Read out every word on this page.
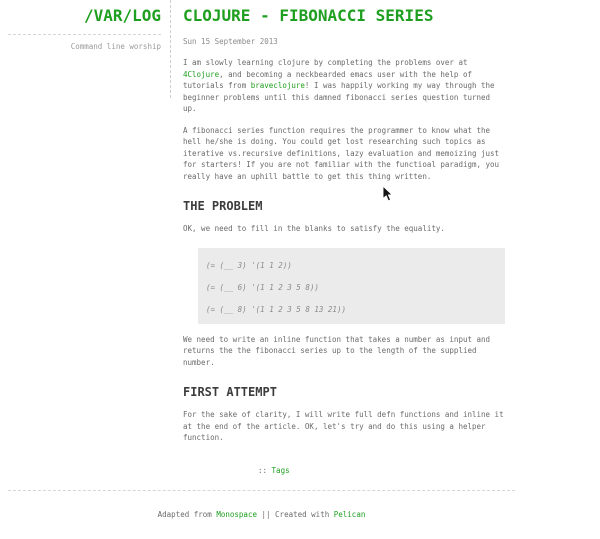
/VAR/LOG

Command line worship

CLOJURE - FIBONACCI SERIES

Sun 15 September 2013

I am slowly learning clojure by completing the problems over at 4Clojure, and becoming a neckbearded emacs user with the help of tutorials from braveclojure! I was happily working my way through the beginner problems until this damned fibonacci series question turned up.

A fibonacci series function requires the programmer to know what the hell he/she is doing. You could get lost researching such topics as iterative vs.recursive definitions, lazy evaluation and memoizing just for starters! If you are not familiar with the functioal paradigm, you really have an uphill battle to get this thing written.

THE PROBLEM

OK, we need to fill in the blanks to satisfy the equality.

(= (__ 3) '(1 1 2))
(= (__ 6) '(1 1 2 3 5 8))
(= (__ 8) '(1 1 2 3 5 8 13 21))

We need to write an inline function that takes a number as input and returns the the fibonacci series up to the length of the supplied number.

FIRST ATTEMPT

For the sake of clarity, I will write full defn functions and inline it at the end of the article. OK, let's try and do this using a helper function.

:: Tags

Adapted from Monospace || Created with Pelican
